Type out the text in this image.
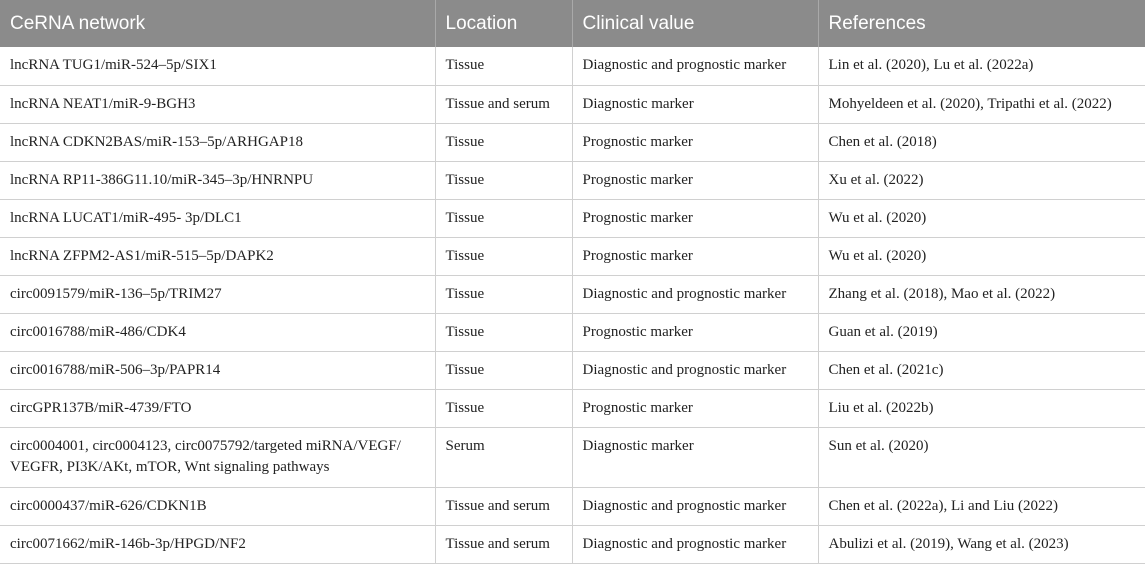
CeRNA network	Location	Clinical value	References
lncRNA TUG1/miR-524–5p/SIX1	Tissue	Diagnostic and prognostic marker	Lin et al. (2020), Lu et al. (2022a)
lncRNA NEAT1/miR-9-BGH3	Tissue and serum	Diagnostic marker	Mohyeldeen et al. (2020), Tripathi et al. (2022)
lncRNA CDKN2BAS/miR-153–5p/ARHGAP18	Tissue	Prognostic marker	Chen et al. (2018)
lncRNA RP11-386G11.10/miR-345–3p/HNRNPU	Tissue	Prognostic marker	Xu et al. (2022)
lncRNA LUCAT1/miR-495- 3p/DLC1	Tissue	Prognostic marker	Wu et al. (2020)
lncRNA ZFPM2-AS1/miR-515–5p/DAPK2	Tissue	Prognostic marker	Wu et al. (2020)
circ0091579/miR-136–5p/TRIM27	Tissue	Diagnostic and prognostic marker	Zhang et al. (2018), Mao et al. (2022)
circ0016788/miR-486/CDK4	Tissue	Prognostic marker	Guan et al. (2019)
circ0016788/miR-506–3p/PAPR14	Tissue	Diagnostic and prognostic marker	Chen et al. (2021c)
circGPR137B/miR-4739/FTO	Tissue	Prognostic marker	Liu et al. (2022b)
circ0004001, circ0004123, circ0075792/targeted miRNA/VEGF/ VEGFR, PI3K/AKt, mTOR, Wnt signaling pathways	Serum	Diagnostic marker	Sun et al. (2020)
circ0000437/miR-626/CDKN1B	Tissue and serum	Diagnostic and prognostic marker	Chen et al. (2022a), Li and Liu (2022)
circ0071662/miR-146b-3p/HPGD/NF2	Tissue and serum	Diagnostic and prognostic marker	Abulizi et al. (2019), Wang et al. (2023)
